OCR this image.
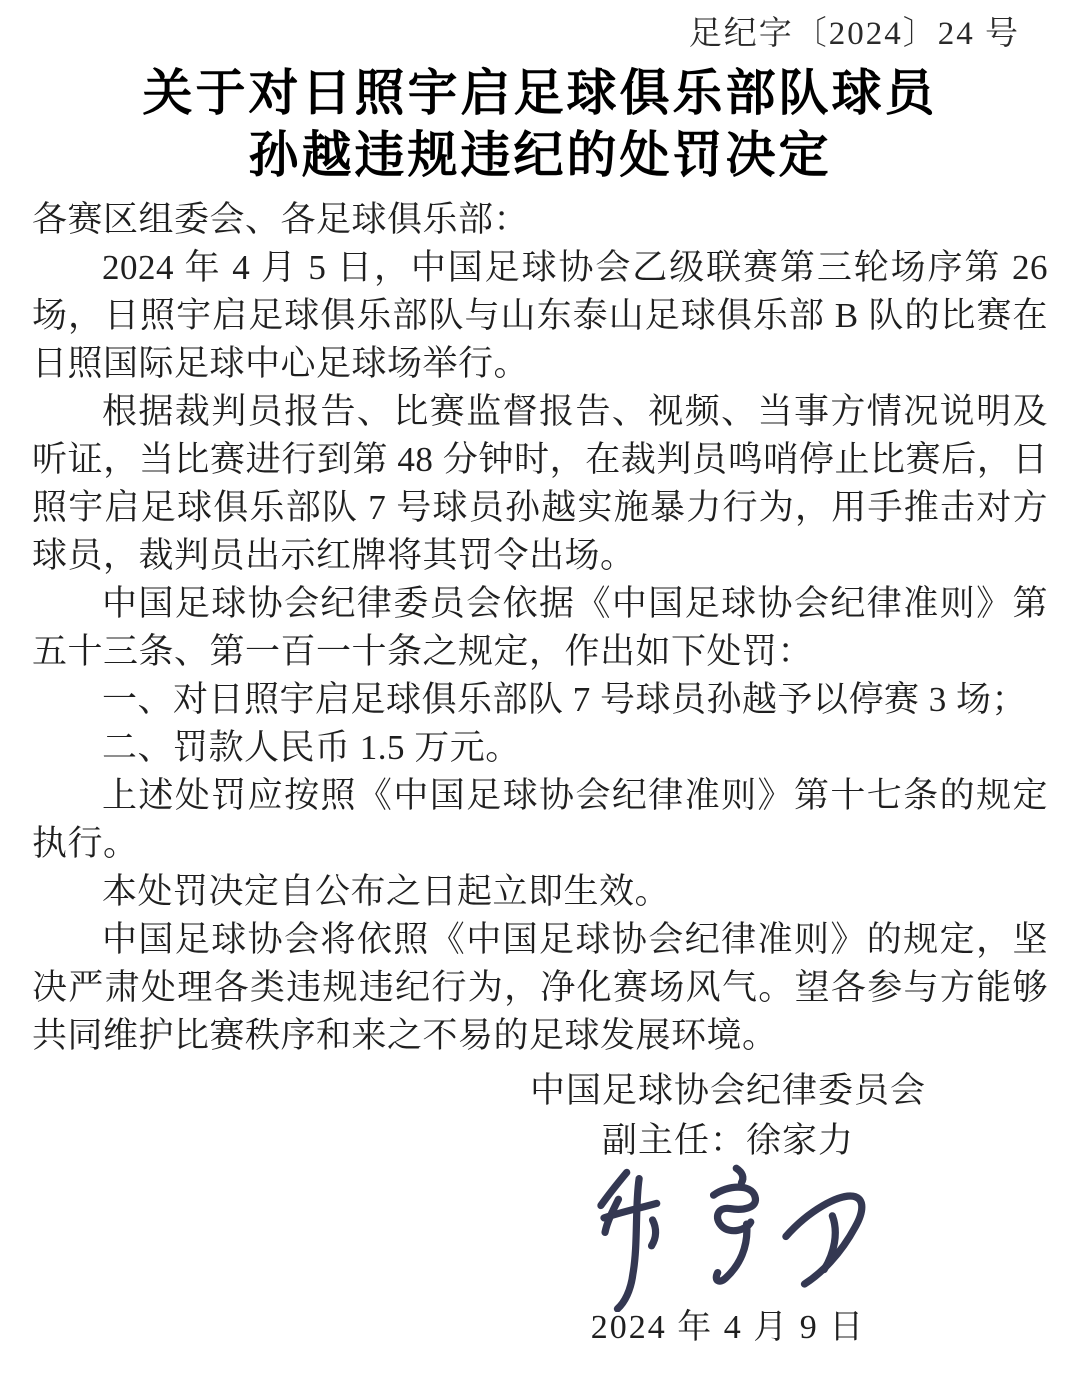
足纪字〔2024〕24 号
关于对日照宇启足球俱乐部队球员
孙越违规违纪的处罚决定

各赛区组委会、各足球俱乐部：

2024 年 4 月 5 日，中国足球协会乙级联赛第三轮场序第 26 场，日照宇启足球俱乐部队与山东泰山足球俱乐部 B 队的比赛在日照国际足球中心足球场举行。

根据裁判员报告、比赛监督报告、视频、当事方情况说明及听证，当比赛进行到第 48 分钟时，在裁判员鸣哨停止比赛后，日照宇启足球俱乐部队 7 号球员孙越实施暴力行为，用手推击对方球员，裁判员出示红牌将其罚令出场。

中国足球协会纪律委员会依据《中国足球协会纪律准则》第五十三条、第一百一十条之规定，作出如下处罚：

一、对日照宇启足球俱乐部队 7 号球员孙越予以停赛 3 场；

二、罚款人民币 1.5 万元。

上述处罚应按照《中国足球协会纪律准则》第十七条的规定执行。

本处罚决定自公布之日起立即生效。

中国足球协会将依照《中国足球协会纪律准则》的规定，坚决严肃处理各类违规违纪行为，净化赛场风气。望各参与方能够共同维护比赛秩序和来之不易的足球发展环境。

中国足球协会纪律委员会
副主任：徐家力
2024 年 4 月 9 日
